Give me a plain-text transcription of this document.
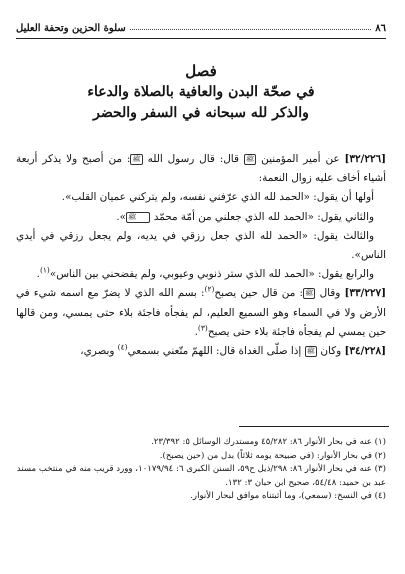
٨٦
سلوة الحزين وتحفة العليل
فصل
في صحّة البدن والعافية بالصلاة والدعاء
والذكر لله سبحانه في السفر والحضر

[٣٢/٢٢٦] عن أمير المؤمنين ﷺ قال: قال رسول الله ﷺ: من أصبح ولا يذكر أربعة أشياء أخاف عليه زوال النعمة:

أولها أن يقول: «الحمد لله الذي عرّفني نفسه، ولم يتركني عميان القلب».

والثاني يقول: «الحمد لله الذي جعلني من أمّة محمّد ﷺ».

والثالث يقول: «الحمد لله الذي جعل رزقي في يديه، ولم يجعل رزقي في أيدي الناس».

والرابع يقول: «الحمد لله الذي ستر ذنوبي وعيوبي، ولم يفضحني بين الناس»$^{(١)}$.

[٣٣/٢٢٧] وقال ﷺ: من قال حين يصبح$^{(٢)}$: بسم الله الذي لا يضرّ مع اسمه شيء في الأرض ولا في السماء وهو السميع العليم، لم يفجأه فاجئة بلاء حتى يمسي، ومن قالها حين يمسي لم يفجأه فاجئة بلاء حتى يصبح$^{(٣)}$.

[٣٤/٢٢٨] وكان ﷺ إذا صلّى الغداة قال: اللهمّ متّعني بسمعي$^{(٤)}$ وبصري،

(١) عنه في بحار الأنوار ٨٦: ٤٥/٢٨٢ ومستدرك الوسائل ٥: ٢٣/٣٩٢.

(٢) في بحار الأنوار: (في صبيحة يومه ثلاثاً) بدل من (حين يصبح).

(٣) عنه في بحار الأنوار ٨٦: ٢٩٨/ذيل ح٥٩، السنن الكبرى ٦: ١٠١٧٩/٩٤، وورد قريب منه في منتخب مسند عبد بن حميد: ٥٤/٤٨، صحيح ابن حبان ٣: ١٣٢.

(٤) في النسخ: (سمعي)، وما أثبتناه موافق لبحار الأنوار.
